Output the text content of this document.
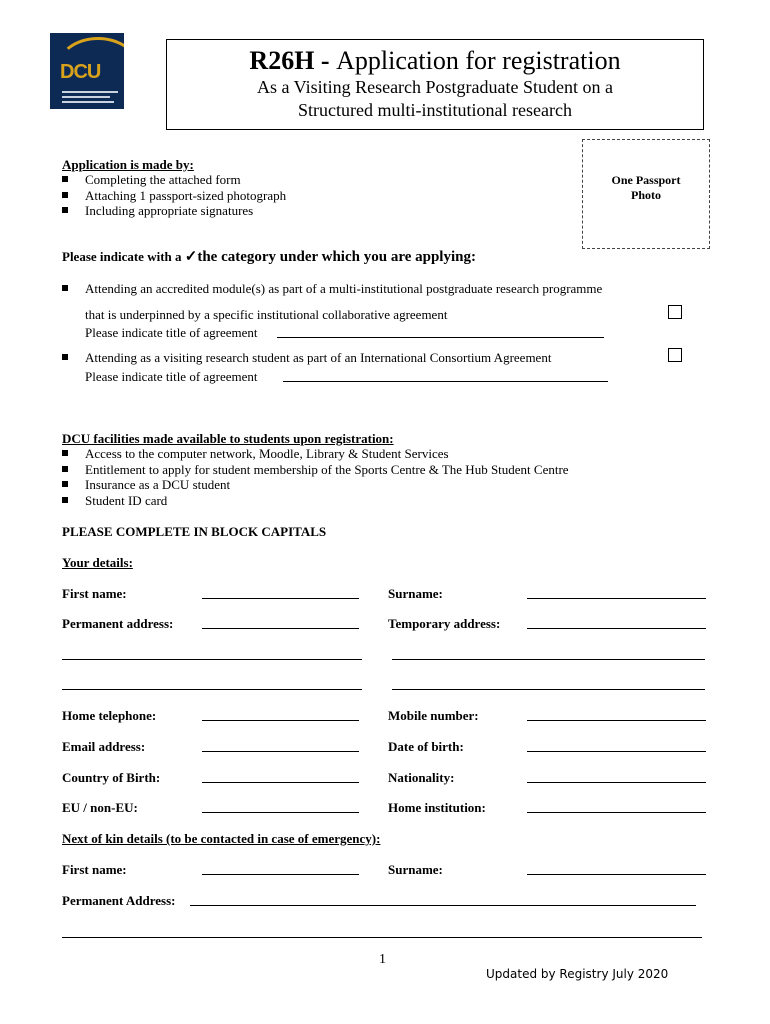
DCU	R26H - Application for registration
As a Visiting Research Postgraduate Student on a
Structured multi-institutional research
One Passport
Photo
Application is made by:
Completing the attached form
Attaching 1 passport-sized photograph
Including appropriate signatures
Please indicate with a ✓the category under which you are applying:
Attending an accredited module(s) as part of a multi-institutional postgraduate research programme
that is underpinned by a specific institutional collaborative agreement
Please indicate title of agreement
Attending as a visiting research student as part of an International Consortium Agreement
Please indicate title of agreement
DCU facilities made available to students upon registration:
Access to the computer network, Moodle, Library & Student Services
Entitlement to apply for student membership of the Sports Centre & The Hub Student Centre
Insurance as a DCU student
Student ID card
PLEASE COMPLETE IN BLOCK CAPITALS
Your details:
First name:	Surname:
Permanent address:	Temporary address:
Home telephone:	Mobile number:
Email address:	Date of birth:
Country of Birth:	Nationality:
EU / non-EU:	Home institution:
Next of kin details (to be contacted in case of emergency):
First name:	Surname:
Permanent Address:
1
Updated by Registry July 2020
